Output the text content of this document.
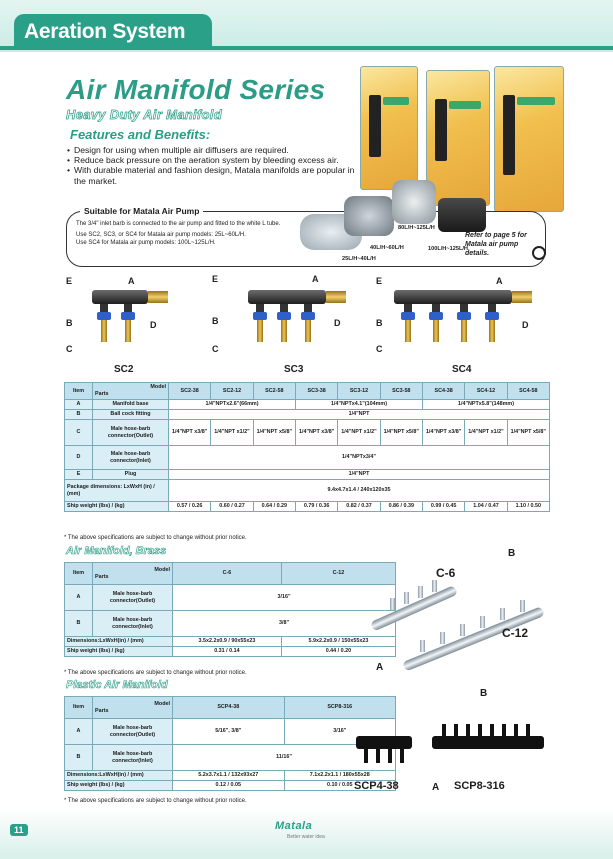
Aeration System
Air Manifold Series
Heavy Duty Air Manifold
Features and Benefits:
• Design for using when multiple air diffusers are required.
• Reduce back pressure on the aeration system by bleeding excess air.
• With durable material and fashion design, Matala manifolds are popular in the market.
Suitable for Matala Air Pump
The 3/4" inlet barb is connected to the air pump and fitted to the white L tube.
Use SC2, SC3, or SC4 for Matala air pump models: 25L~60L/H.
Use SC4 for Matala air pump models: 100L~125L/H.
80L/H~125L/H
40L/H~60L/H
25L/H~40L/H
100L/H~125L/H
Refer to page 5 for Matala air pump details.
E	A
B	D
C
SC2
E	A
B	D
C
SC3
E	A
B	D
C
SC4
Item	Model

Parts	SC2-38	SC2-12	SC2-58	SC3-38	SC3-12	SC3-58	SC4-38	SC4-12	SC4-58
A	Manifold base	1/4"NPTx2.6"(66mm)			1/4"NPTx4.1"(104mm)			1/4"NPTx5.8"(148mm)		
B	Ball cock fitting	1/4"NPT								
C	Male hose-barb connector(Outlet)	1/4"NPT x3/8"	1/4"NPT x1/2"	1/4"NPT x5/8"	1/4"NPT x3/8"	1/4"NPT x1/2"	1/4"NPT x5/8"	1/4"NPT x3/8"	1/4"NPT x1/2"	1/4"NPT x5/8"
D	Male hose-barb connector(Inlet)	1/4"NPTx3/4"								
E	Plug	1/4"NPT								
Package dimensions: LxWxH (in) / (mm)		9.4x4.7x1.4 / 240x120x35								
Ship weight (lbs) / (kg)		0.57 / 0.26	0.60 / 0.27	0.64 / 0.29	0.79 / 0.36	0.82 / 0.37	0.86 / 0.39	0.99 / 0.45	1.04 / 0.47	1.10 / 0.50
* The above specifications are subject to change without prior notice.
Air Manifold, Brass
Item	Model

Parts	C-6	C-12
A	Male hose-barb connector(Outlet)	3/16"	
B	Male hose-barb connector(Inlet)	3/8"	
Dimensions:LxWxH(in) / (mm)		3.5x2.2x0.9 / 90x55x23	5.9x2.2x0.9 / 150x55x23
Ship weight (lbs) / (kg)		0.31 / 0.14	0.44 / 0.20
* The above specifications are subject to change without prior notice.
B
C-6
C-12
A
Plastic Air Manifold
Item	Model

Parts	SCP4-38	SCP8-316
A	Male hose-barb connector(Outlet)	5/16", 3/8"	3/16"
B	Male hose-barb connector(Inlet)	11/16"	
Dimensions:LxWxH(in) / (mm)		5.2x3.7x1.1 / 132x93x27	7.1x2.2x1.1 / 180x55x28
Ship weight (lbs) / (kg)		0.12 / 0.05	0.10 / 0.05
* The above specifications are subject to change without prior notice.
B
SCP4-38	A SCP8-316
11	Matala
Better water idea
